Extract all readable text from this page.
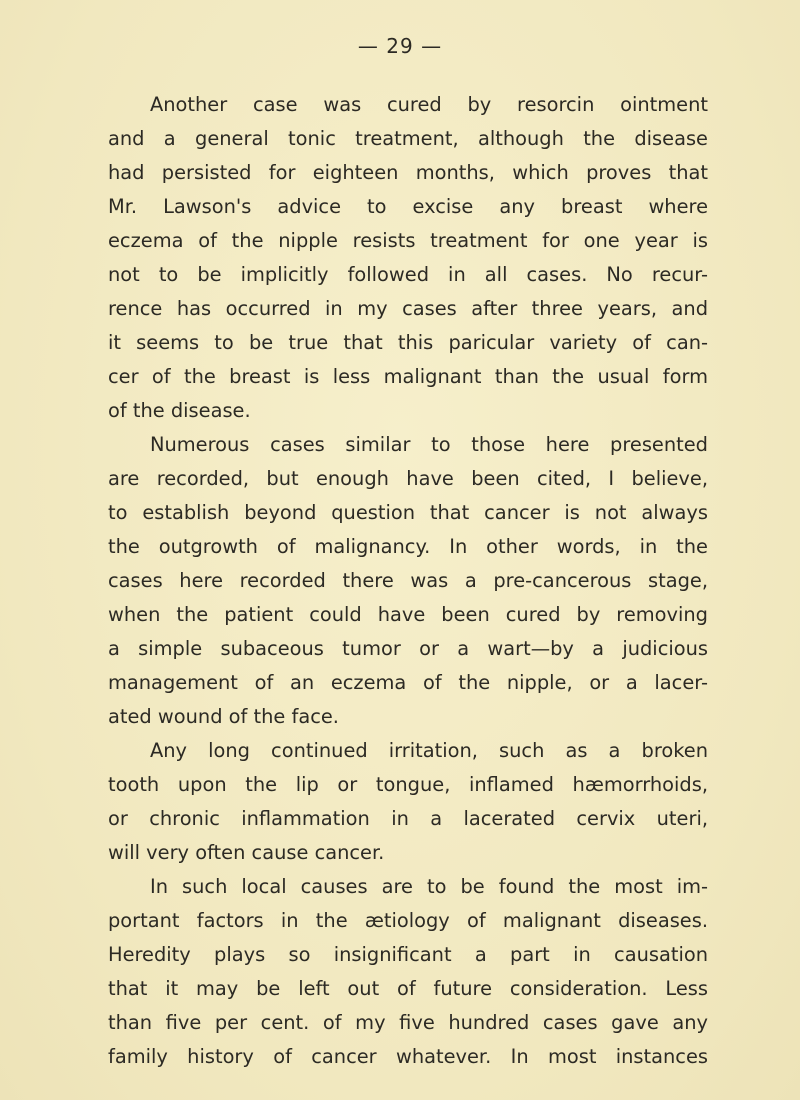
— 29 —
Another case was cured by resorcin ointment
and a general tonic treatment, although the disease
had persisted for eighteen months, which proves that
Mr. Lawson's advice to excise any breast where
eczema of the nipple resists treatment for one year is
not to be implicitly followed in all cases. No recur-
rence has occurred in my cases after three years, and
it seems to be true that this paricular variety of can-
cer of the breast is less malignant than the usual form
of the disease.
Numerous cases similar to those here presented
are recorded, but enough have been cited, I believe,
to establish beyond question that cancer is not always
the outgrowth of malignancy. In other words, in the
cases here recorded there was a pre-cancerous stage,
when the patient could have been cured by removing
a simple subaceous tumor or a wart—by a judicious
management of an eczema of the nipple, or a lacer-
ated wound of the face.
Any long continued irritation, such as a broken
tooth upon the lip or tongue, inflamed hæmorrhoids,
or chronic inflammation in a lacerated cervix uteri,
will very often cause cancer.
In such local causes are to be found the most im-
portant factors in the ætiology of malignant diseases.
Heredity plays so insignificant a part in causation
that it may be left out of future consideration. Less
than five per cent. of my five hundred cases gave any
family history of cancer whatever. In most instances
